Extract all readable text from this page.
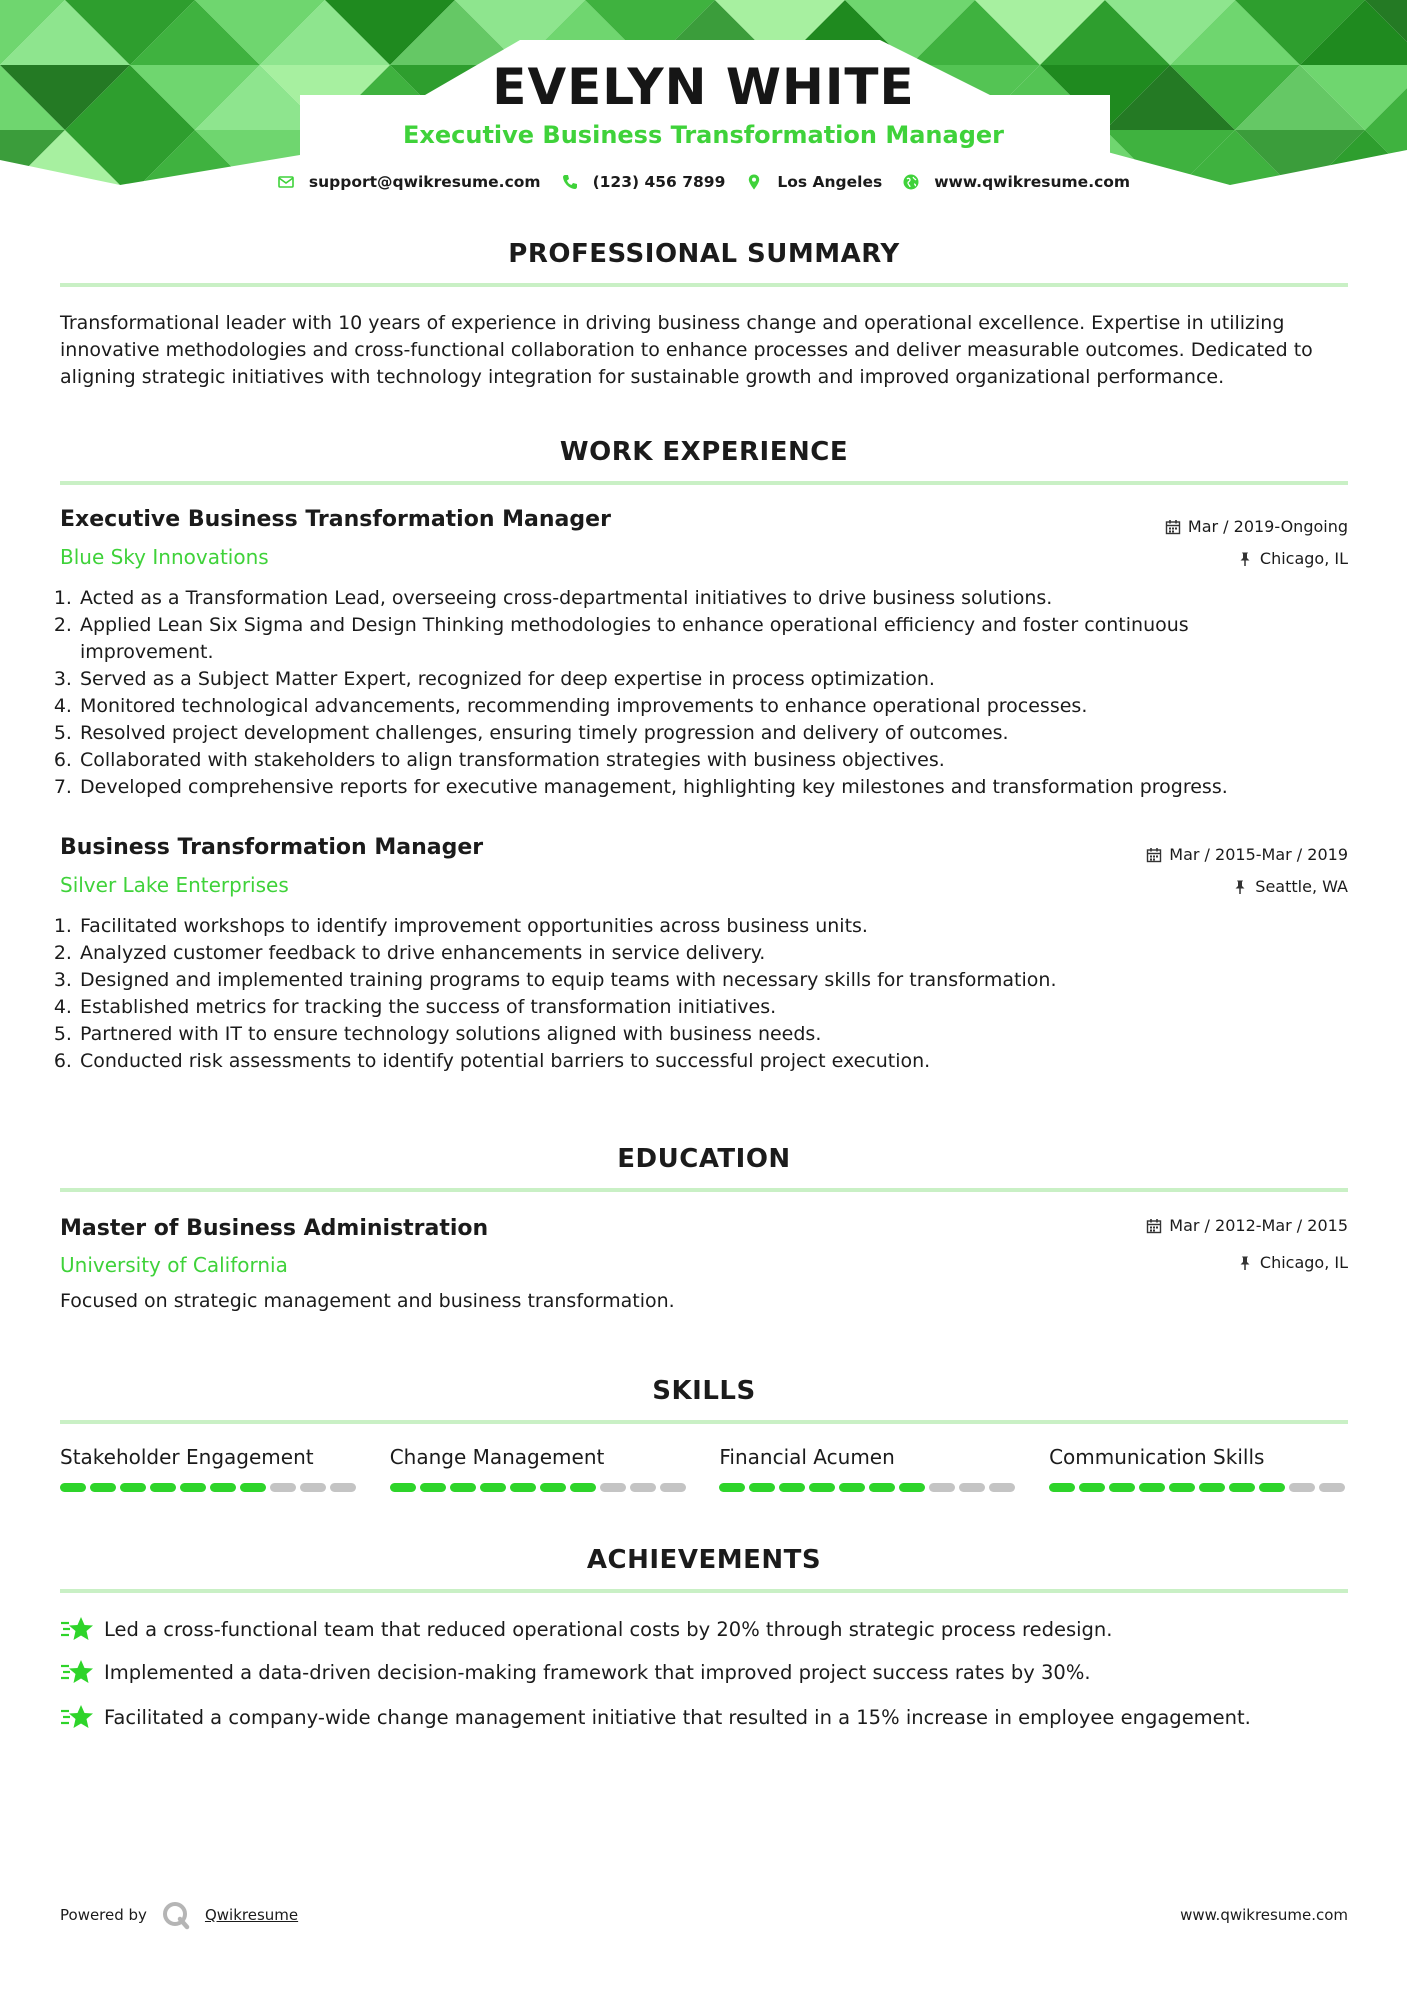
EVELYN WHITE
Executive Business Transformation Manager
support@qwikresume.com	(123) 456 7899	Los Angeles	www.qwikresume.com
PROFESSIONAL SUMMARY
Transformational leader with 10 years of experience in driving business change and operational excellence. Expertise in utilizing innovative methodologies and cross-functional collaboration to enhance processes and deliver measurable outcomes. Dedicated to aligning strategic initiatives with technology integration for sustainable growth and improved organizational performance.
WORK EXPERIENCE
Executive Business Transformation Manager
Blue Sky Innovations
Mar / 2019-Ongoing
Chicago, IL
1. Acted as a Transformation Lead, overseeing cross-departmental initiatives to drive business solutions.
2. Applied Lean Six Sigma and Design Thinking methodologies to enhance operational efficiency and foster continuous improvement.
3. Served as a Subject Matter Expert, recognized for deep expertise in process optimization.
4. Monitored technological advancements, recommending improvements to enhance operational processes.
5. Resolved project development challenges, ensuring timely progression and delivery of outcomes.
6. Collaborated with stakeholders to align transformation strategies with business objectives.
7. Developed comprehensive reports for executive management, highlighting key milestones and transformation progress.
Business Transformation Manager
Silver Lake Enterprises
Mar / 2015-Mar / 2019
Seattle, WA
1. Facilitated workshops to identify improvement opportunities across business units.
2. Analyzed customer feedback to drive enhancements in service delivery.
3. Designed and implemented training programs to equip teams with necessary skills for transformation.
4. Established metrics for tracking the success of transformation initiatives.
5. Partnered with IT to ensure technology solutions aligned with business needs.
6. Conducted risk assessments to identify potential barriers to successful project execution.
EDUCATION
Master of Business Administration
University of California
Mar / 2012-Mar / 2015
Chicago, IL
Focused on strategic management and business transformation.
SKILLS
Stakeholder Engagement	Change Management	Financial Acumen	Communication Skills
ACHIEVEMENTS
Led a cross-functional team that reduced operational costs by 20% through strategic process redesign.
Implemented a data-driven decision-making framework that improved project success rates by 30%.
Facilitated a company-wide change management initiative that resulted in a 15% increase in employee engagement.
Powered by	Qwikresume	www.qwikresume.com
